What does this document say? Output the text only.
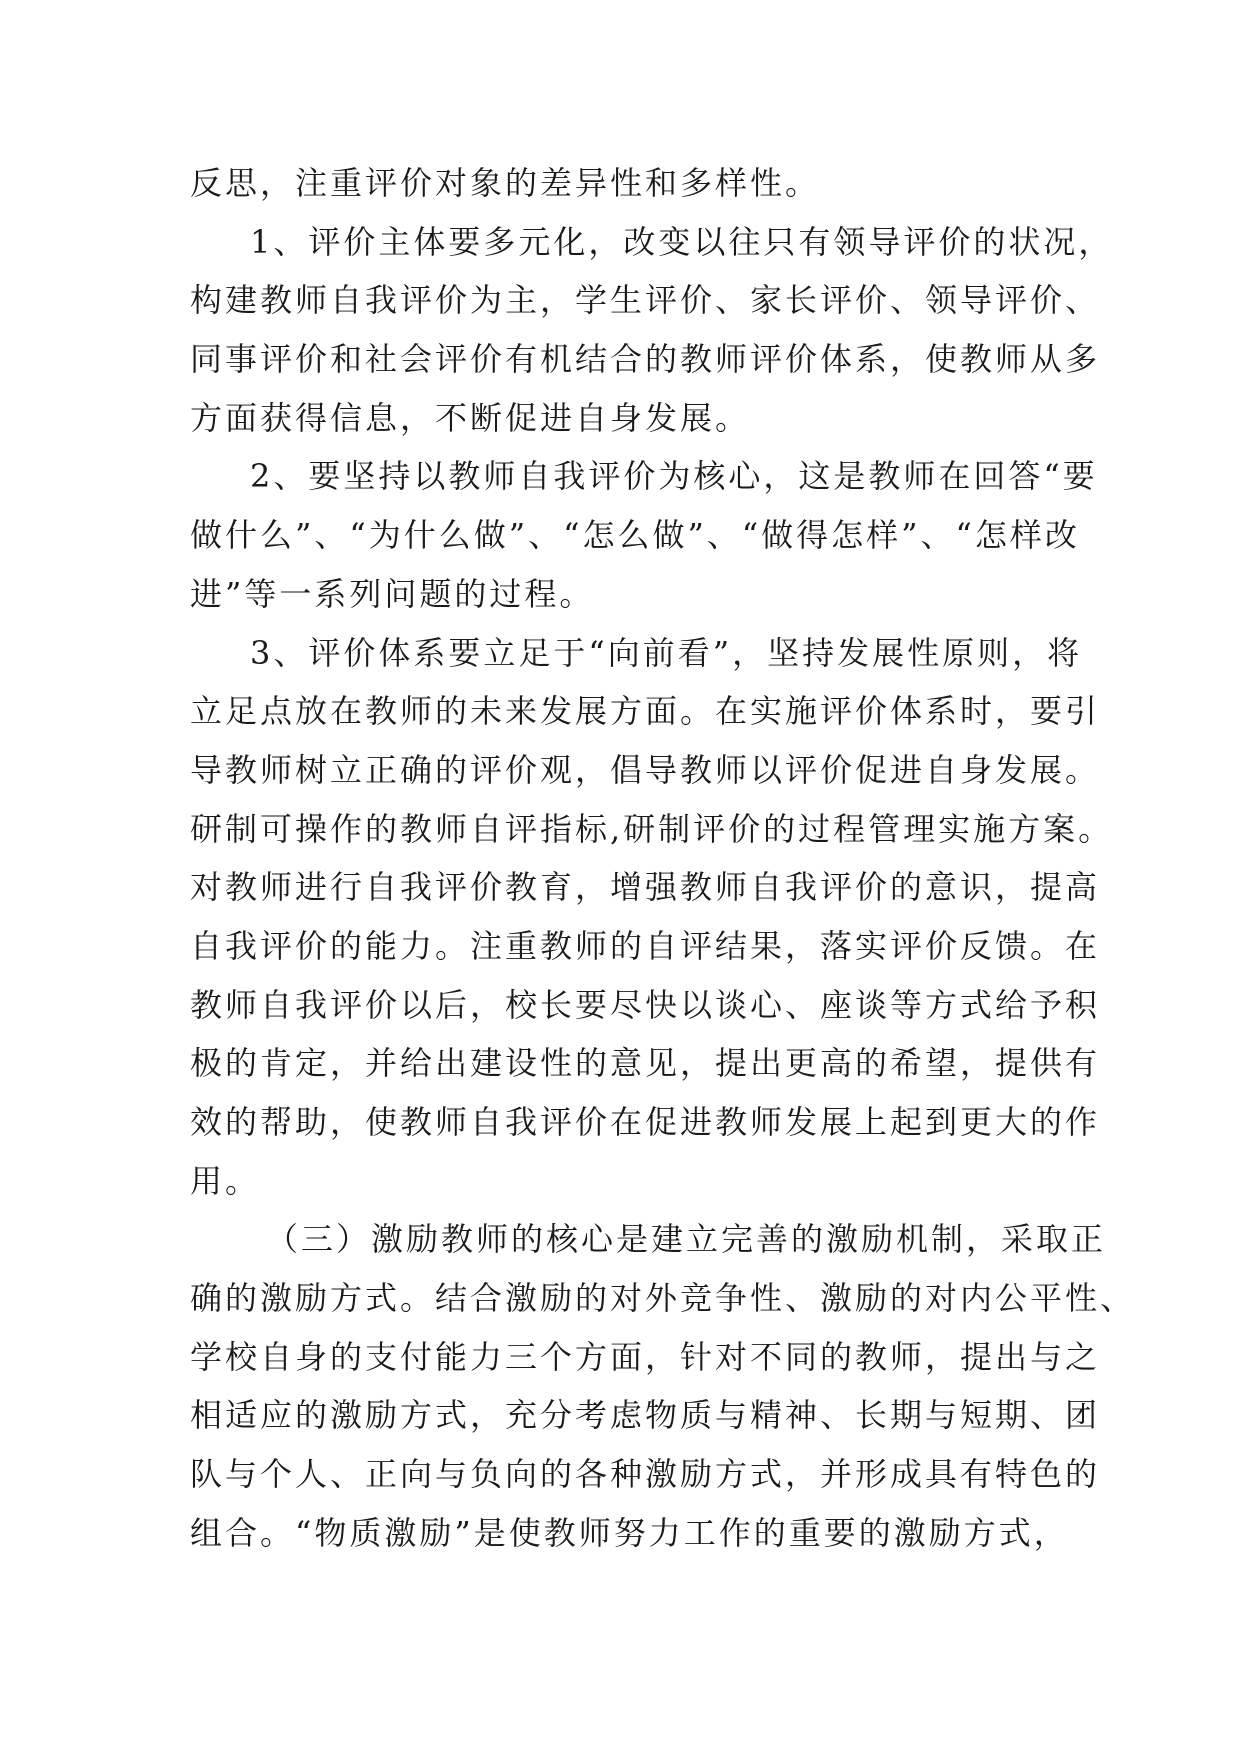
反思，注重评价对象的差异性和多样性。
1、评价主体要多元化，改变以往只有领导评价的状况，
构建教师自我评价为主，学生评价、家长评价、领导评价、
同事评价和社会评价有机结合的教师评价体系，使教师从多
方面获得信息，不断促进自身发展。
2、要坚持以教师自我评价为核心，这是教师在回答“要
做什么”、“为什么做”、“怎么做”、“做得怎样”、“怎样改
进”等一系列问题的过程。
3、评价体系要立足于“向前看”，坚持发展性原则，将
立足点放在教师的未来发展方面。在实施评价体系时，要引
导教师树立正确的评价观，倡导教师以评价促进自身发展。
研制可操作的教师自评指标,研制评价的过程管理实施方案。
对教师进行自我评价教育，增强教师自我评价的意识，提高
自我评价的能力。注重教师的自评结果，落实评价反馈。在
教师自我评价以后，校长要尽快以谈心、座谈等方式给予积
极的肯定，并给出建设性的意见，提出更高的希望，提供有
效的帮助，使教师自我评价在促进教师发展上起到更大的作
用。
（三）激励教师的核心是建立完善的激励机制，采取正
确的激励方式。结合激励的对外竞争性、激励的对内公平性、
学校自身的支付能力三个方面，针对不同的教师，提出与之
相适应的激励方式，充分考虑物质与精神、长期与短期、团
队与个人、正向与负向的各种激励方式，并形成具有特色的
组合。“物质激励”是使教师努力工作的重要的激励方式，
